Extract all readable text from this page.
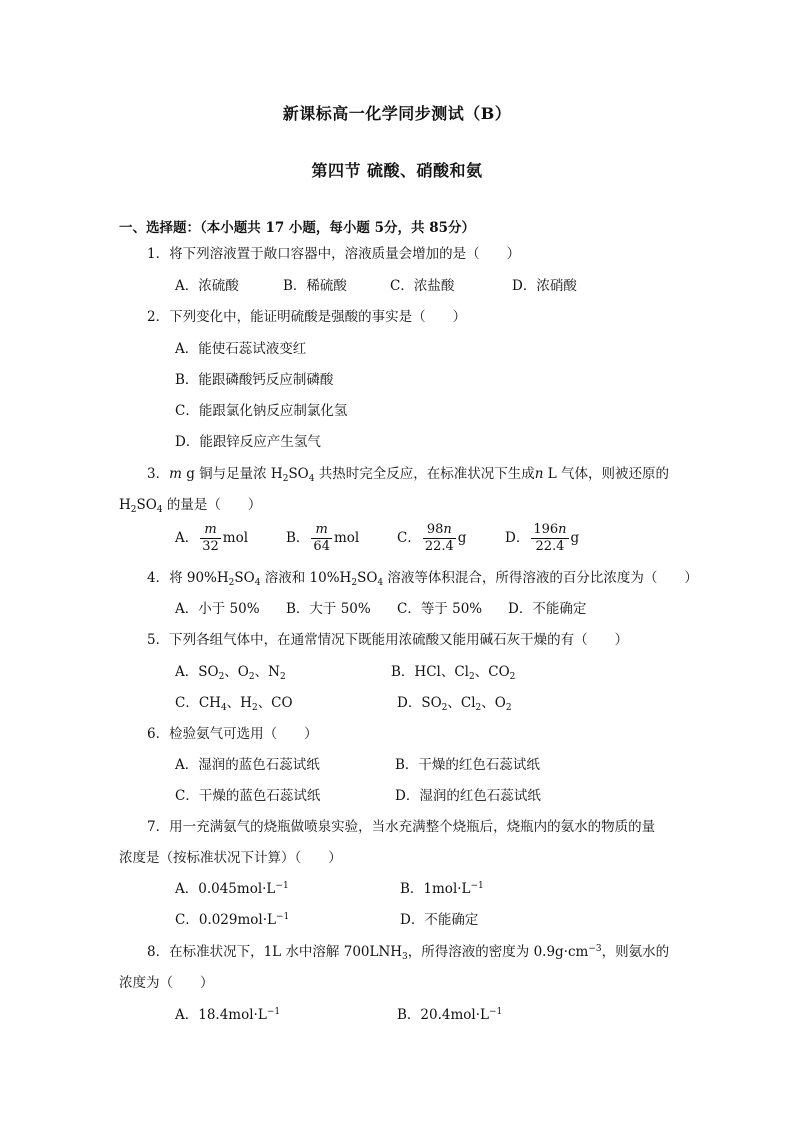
新课标高一化学同步测试（B）
第四节 硫酸、硝酸和氨
一、选择题：（本小题共 17 小题，每小题 5分，共 85分）
1．将下列溶液置于敞口容器中，溶液质量会增加的是（　　）
A．浓硫酸	B．稀硫酸	C．浓盐酸	D．浓硝酸
2．下列变化中，能证明硫酸是强酸的事实是（　　）
A．能使石蕊试液变红
B．能跟磷酸钙反应制磷酸
C．能跟氯化钠反应制氯化氢
D．能跟锌反应产生氢气
3．m g 铜与足量浓 $H_2SO_4$ 共热时完全反应，在标准状况下生成n L 气体，则被还原的
$H_2SO_4$ 的量是（　　）
A． $\frac{m}{32}$ mol	B． $\frac{m}{64}$ mol	C． $\frac{98n}{22.4}$ g	D． $\frac{196n}{22.4}$ g
4．将 $90\%H_2SO_4$ 溶液和 $10\%H_2SO_4$ 溶液等体积混合，所得溶液的百分比浓度为（　　）
A．小于 50% B．大于 50% C．等于 50% D．不能确定
5．下列各组气体中，在通常情况下既能用浓硫酸又能用碱石灰干燥的有（　　）
A．$SO_2$、$O_2$、$N_2$	B．HCl、$Cl_2$、$CO_2$
C．$CH_4$、$H_2$、CO	D．$SO_2$、$Cl_2$、$O_2$
6．检验氨气可选用（　　）
A．湿润的蓝色石蕊试纸	B．干燥的红色石蕊试纸
C．干燥的蓝色石蕊试纸	D．湿润的红色石蕊试纸
7．用一充满氨气的烧瓶做喷泉实验，当水充满整个烧瓶后，烧瓶内的氨水的物质的量
浓度是（按标准状况下计算）（　　）
A．$0.045mol\cdot L^{-1}$	B．$1mol\cdot L^{-1}$
C．$0.029mol\cdot L^{-1}$	D．不能确定
8．在标准状况下，1L 水中溶解 $700LNH_3$，所得溶液的密度为 $0.9g\cdot cm^{-3}$，则氨水的
浓度为（　　）
A．$18.4mol\cdot L^{-1}$	B．$20.4mol\cdot L^{-1}$
